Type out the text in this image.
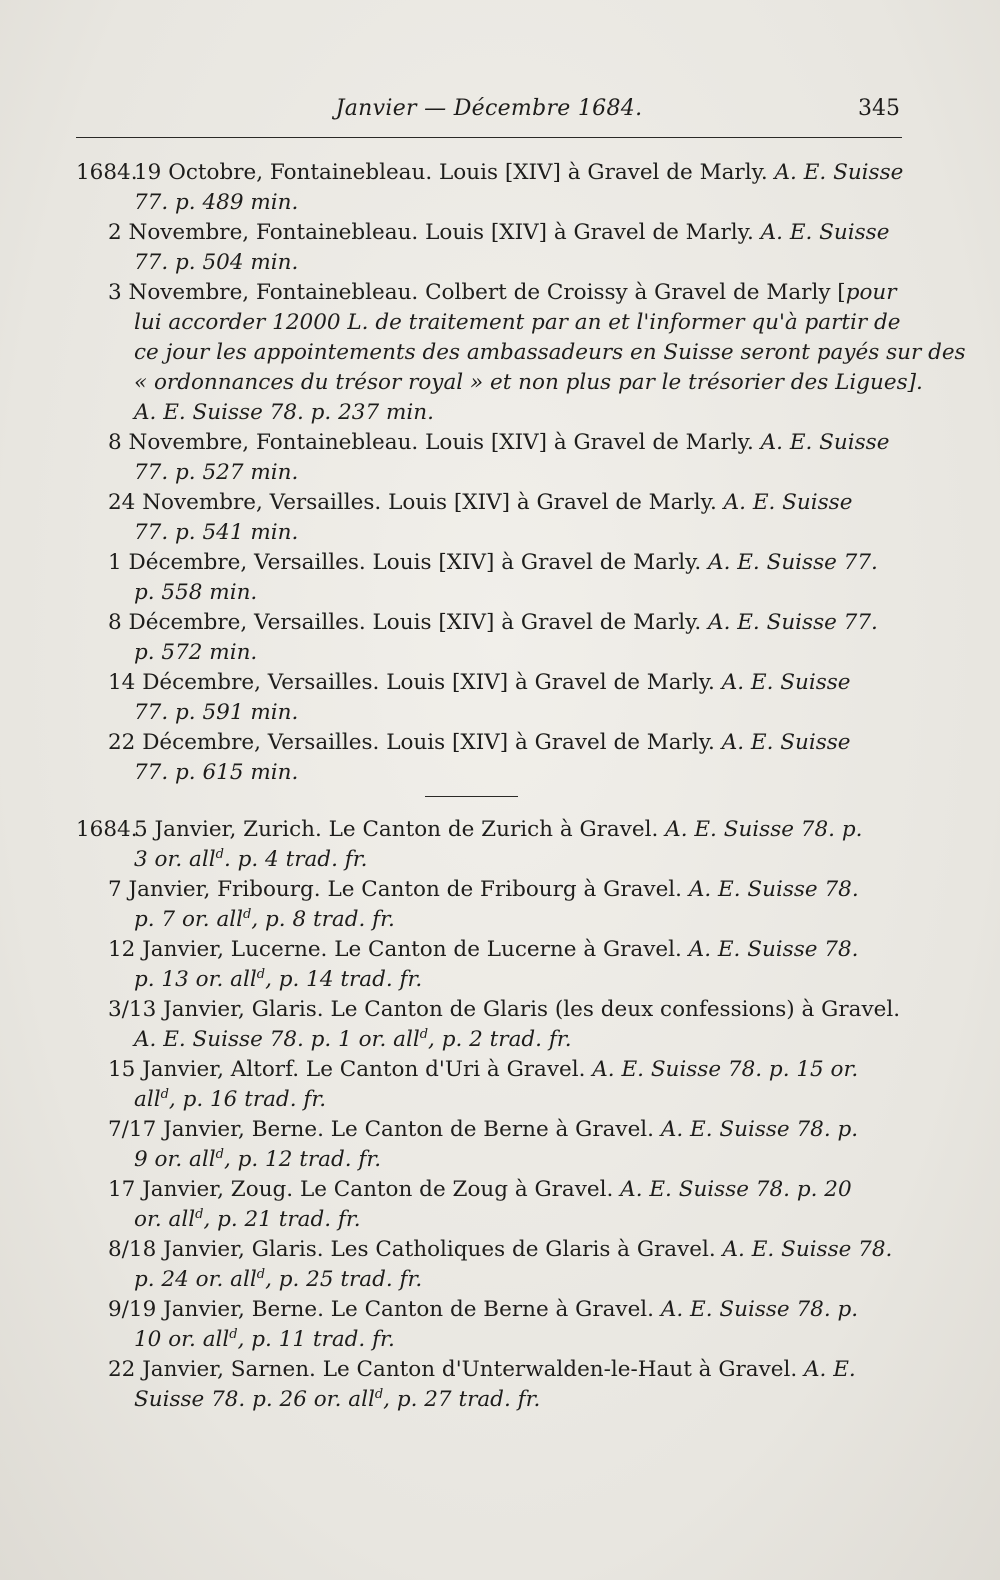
Janvier — Décembre 1684.	345
1684.19 Octobre, Fontainebleau. Louis [XIV] à Gravel de Marly. A. E. Suisse
77. p. 489 min.
2 Novembre, Fontainebleau. Louis [XIV] à Gravel de Marly. A. E. Suisse
77. p. 504 min.
3 Novembre, Fontainebleau. Colbert de Croissy à Gravel de Marly [pour
lui accorder 12000 L. de traitement par an et l'informer qu'à partir de
ce jour les appointements des ambassadeurs en Suisse seront payés sur des
« ordonnances du trésor royal » et non plus par le trésorier des Ligues].
A. E. Suisse 78. p. 237 min.
8 Novembre, Fontainebleau. Louis [XIV] à Gravel de Marly. A. E. Suisse
77. p. 527 min.
24 Novembre, Versailles. Louis [XIV] à Gravel de Marly. A. E. Suisse
77. p. 541 min.
1 Décembre, Versailles. Louis [XIV] à Gravel de Marly. A. E. Suisse 77.
p. 558 min.
8 Décembre, Versailles. Louis [XIV] à Gravel de Marly. A. E. Suisse 77.
p. 572 min.
14 Décembre, Versailles. Louis [XIV] à Gravel de Marly. A. E. Suisse
77. p. 591 min.
22 Décembre, Versailles. Louis [XIV] à Gravel de Marly. A. E. Suisse
77. p. 615 min.
1684.5 Janvier, Zurich. Le Canton de Zurich à Gravel. A. E. Suisse 78. p.
3 or. all$^d$. p. 4 trad. fr.
7 Janvier, Fribourg. Le Canton de Fribourg à Gravel. A. E. Suisse 78.
p. 7 or. all$^d$, p. 8 trad. fr.
12 Janvier, Lucerne. Le Canton de Lucerne à Gravel. A. E. Suisse 78.
p. 13 or. all$^d$, p. 14 trad. fr.
3/13 Janvier, Glaris. Le Canton de Glaris (les deux confessions) à Gravel.
A. E. Suisse 78. p. 1 or. all$^d$, p. 2 trad. fr.
15 Janvier, Altorf. Le Canton d'Uri à Gravel. A. E. Suisse 78. p. 15 or.
all$^d$, p. 16 trad. fr.
7/17 Janvier, Berne. Le Canton de Berne à Gravel. A. E. Suisse 78. p.
9 or. all$^d$, p. 12 trad. fr.
17 Janvier, Zoug. Le Canton de Zoug à Gravel. A. E. Suisse 78. p. 20
or. all$^d$, p. 21 trad. fr.
8/18 Janvier, Glaris. Les Catholiques de Glaris à Gravel. A. E. Suisse 78.
p. 24 or. all$^d$, p. 25 trad. fr.
9/19 Janvier, Berne. Le Canton de Berne à Gravel. A. E. Suisse 78. p.
10 or. all$^d$, p. 11 trad. fr.
22 Janvier, Sarnen. Le Canton d'Unterwalden-le-Haut à Gravel. A. E.
Suisse 78. p. 26 or. all$^d$, p. 27 trad. fr.
